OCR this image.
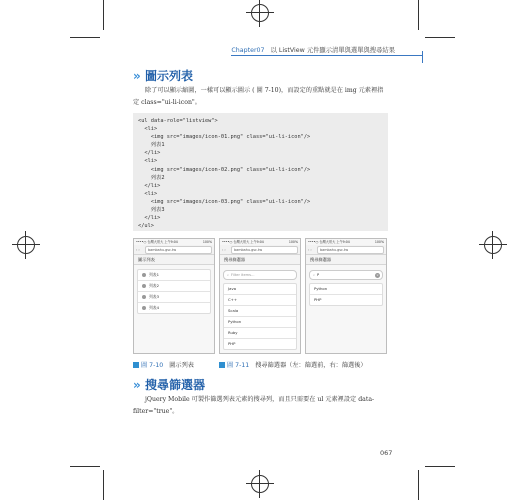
Chapter07 以 ListView 元件顯示清單與選單與搜尋結果
» 圖示列表
除了可以顯示縮圖，一樣可以顯示圖示 ( 圖 7-10)，而設定的重點就是在 img 元素裡指
定 class="ui-li-icon"。
<ul data-role="listview">
<li>
<img src="images/icon-01.png" class="ui-li-icon"/>
列表1
</li>
<li>
<img src="images/icon-02.png" class="ui-li-icon"/>
列表2
</li>
<li>
<img src="images/icon-03.png" class="ui-li-icon"/>
列表3
</li>
</ul>
••••○ 台灣大哥大 上午9:04	100%
‹ ›	bambahu.gsc.tw
圖示列表
列表1
列表2
列表3
列表4
••••○ 台灣大哥大 上午9:04	100%
‹ ›	bambahu.gsc.tw
搜尋篩選器
⌕ Filter items...
Java
C++
Scala
Python
Ruby
PHP
••••○ 台灣大哥大 上午9:04	100%
‹ ›	bambahu.gsc.tw
搜尋篩選器
⌕ P	×
Python
PHP
圖 7-10 圖示列表	圖 7-11 搜尋篩選器（左：篩選前，右：篩選後）
» 搜尋篩選器
jQuery Mobile 可製作篩選列表元素的搜尋列，而且只需要在 ul 元素裡設定 data-
filter="true"。
067
